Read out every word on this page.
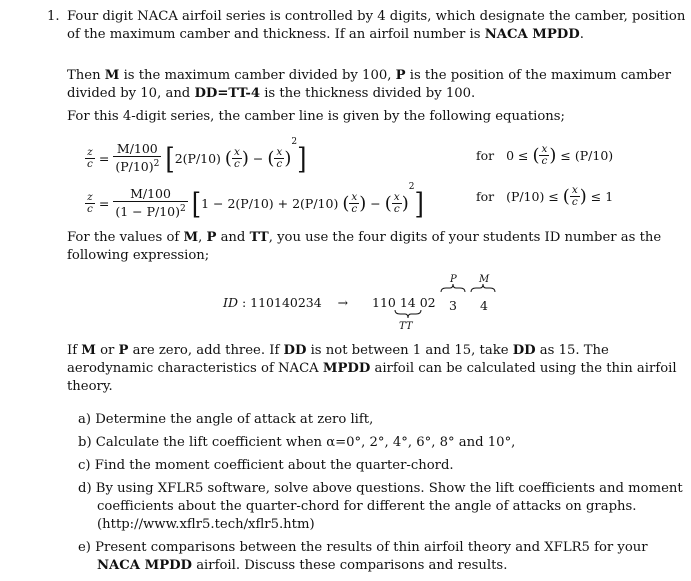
1. Four digit NACA airfoil series is controlled by 4 digits, which designate the camber, position
of the maximum camber and thickness. If an airfoil number is NACA MPDD.
Then M is the maximum camber divided by 100, P is the position of the maximum camber
divided by 10, and DD=TT-4 is the thickness divided by 100.
For this 4-digit series, the camber line is given by the following equations;
$\frac{z}{c} = \frac{M/100}{(P/10)^2} [2(P/10)$ ( $\frac{x}{c}$ ) − ( $\frac{x}{c} )^2$]	for 0 ≤ ( $\frac{x}{c}$ ) ≤ (P/10)
$\frac{z}{c} = \frac{M/100}{(1 - P/10)^2} [1 - 2(P/10) + 2(P/10)$ ( $\frac{x}{c}$ ) − ( $\frac{x}{c} )^2$]	for (P/10) ≤ ( $\frac{x}{c}$ ) ≤ 1
For the values of M, P and TT, you use the four digits of your students ID number as the
following expression;
ID : 110140234 →	110 14 02 3 4
P M
TT
If M or P are zero, add three. If DD is not between 1 and 15, take DD as 15. The
aerodynamic characteristics of NACA MPDD airfoil can be calculated using the thin airfoil
theory.
a) Determine the angle of attack at zero lift,
b) Calculate the lift coefficient when α=0°, 2°, 4°, 6°, 8° and 10°,
c) Find the moment coefficient about the quarter-chord.
d) By using XFLR5 software, solve above questions. Show the lift coefficients and moment
coefficients about the quarter-chord for different the angle of attacks on graphs.
(http://www.xflr5.tech/xflr5.htm)
e) Present comparisons between the results of thin airfoil theory and XFLR5 for your
NACA MPDD airfoil. Discuss these comparisons and results.
